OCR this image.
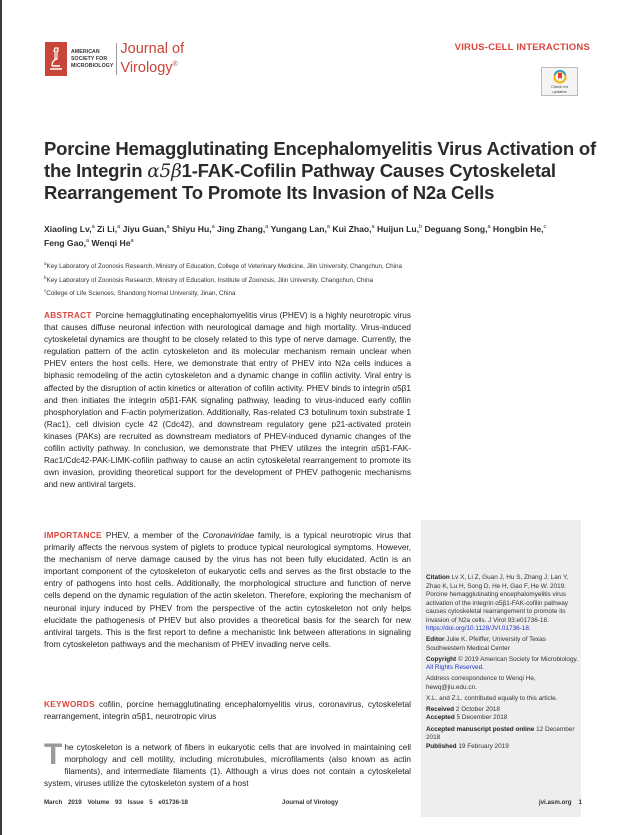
AMERICAN
SOCIETY FOR
MICROBIOLOGY
Journal of
Virology®
VIRUS-CELL INTERACTIONS
Check for
updates
Porcine Hemagglutinating Encephalomyelitis Virus Activation of the Integrin α5β1-FAK-Cofilin Pathway Causes Cytoskeletal Rearrangement To Promote Its Invasion of N2a Cells
Xiaoling Lv,$^a$ Zi Li,$^a$ Jiyu Guan,$^a$ Shiyu Hu,$^a$ Jing Zhang,$^a$ Yungang Lan,$^a$ Kui Zhao,$^a$ Huijun Lu,$^b$ Deguang Song,$^a$ Hongbin He,$^c$
Feng Gao,$^a$ Wenqi He$^a$
$^a$Key Laboratory of Zoonosis Research, Ministry of Education, College of Veterinary Medicine, Jilin University, Changchun, China
$^b$Key Laboratory of Zoonosis Research, Ministry of Education, Institute of Zoonosis, Jilin University, Changchun, China
$^c$College of Life Sciences, Shandong Normal University, Jinan, China
ABSTRACT Porcine hemagglutinating encephalomyelitis virus (PHEV) is a highly neurotropic virus that causes diffuse neuronal infection with neurological damage and high mortality. Virus-induced cytoskeletal dynamics are thought to be closely related to this type of nerve damage. Currently, the regulation pattern of the actin cytoskeleton and its molecular mechanism remain unclear when PHEV enters the host cells. Here, we demonstrate that entry of PHEV into N2a cells induces a biphasic remodeling of the actin cytoskeleton and a dynamic change in cofilin activity. Viral entry is affected by the disruption of actin kinetics or alteration of cofilin activity. PHEV binds to integrin α5β1 and then initiates the integrin α5β1-FAK signaling pathway, leading to virus-induced early cofilin phosphorylation and F-actin polymerization. Additionally, Ras-related C3 botulinum toxin substrate 1 (Rac1), cell division cycle 42 (Cdc42), and downstream regulatory gene p21-activated protein kinases (PAKs) are recruited as downstream mediators of PHEV-induced dynamic changes of the cofilin activity pathway. In conclusion, we demonstrate that PHEV utilizes the integrin α5β1-FAK-Rac1/Cdc42-PAK-LIMK-cofilin pathway to cause an actin cytoskeletal rearrangement to promote its own invasion, providing theoretical support for the development of PHEV pathogenic mechanisms and new antiviral targets.
IMPORTANCE PHEV, a member of the Coronaviridae family, is a typical neurotropic virus that primarily affects the nervous system of piglets to produce typical neurological symptoms. However, the mechanism of nerve damage caused by the virus has not been fully elucidated. Actin is an important component of the cytoskeleton of eukaryotic cells and serves as the first obstacle to the entry of pathogens into host cells. Additionally, the morphological structure and function of nerve cells depend on the dynamic regulation of the actin skeleton. Therefore, exploring the mechanism of neuronal injury induced by PHEV from the perspective of the actin cytoskeleton not only helps elucidate the pathogenesis of PHEV but also provides a theoretical basis for the search for new antiviral targets. This is the first report to define a mechanistic link between alterations in signaling from cytoskeleton pathways and the mechanism of PHEV invading nerve cells.
KEYWORDS cofilin, porcine hemagglutinating encephalomyelitis virus, coronavirus, cytoskeletal rearrangement, integrin α5β1, neurotropic virus
The cytoskeleton is a network of fibers in eukaryotic cells that are involved in maintaining cell morphology and cell motility, including microtubules, microfilaments (also known as actin filaments), and intermediate filaments (1). Although a virus does not contain a cytoskeletal system, viruses utilize the cytoskeleton system of a host

Citation Lv X, Li Z, Guan J, Hu S, Zhang J, Lan Y, Zhao K, Lu H, Song D, He H, Gao F, He W. 2019. Porcine hemagglutinating encephalomyelitis virus activation of the integrin α5β1-FAK-cofilin pathway causes cytoskeletal rearrangement to promote its invasion of N2a cells. J Virol 93:e01736-18. https://doi.org/10.1128/JVI.01736-18.

Editor Julie K. Pfeiffer, University of Texas Southwestern Medical Center

Copyright © 2019 American Society for Microbiology. All Rights Reserved.

Address correspondence to Wenqi He, hewq@jlu.edu.cn.

X.L. and Z.L. contributed equally to this article.

Received 2 October 2018

Accepted 5 December 2018

Accepted manuscript posted online 12 December 2018

Published 19 February 2019

March 2019 Volume 93 Issue 5 e01736-18	Journal of Virology	jvi.asm.org 1
